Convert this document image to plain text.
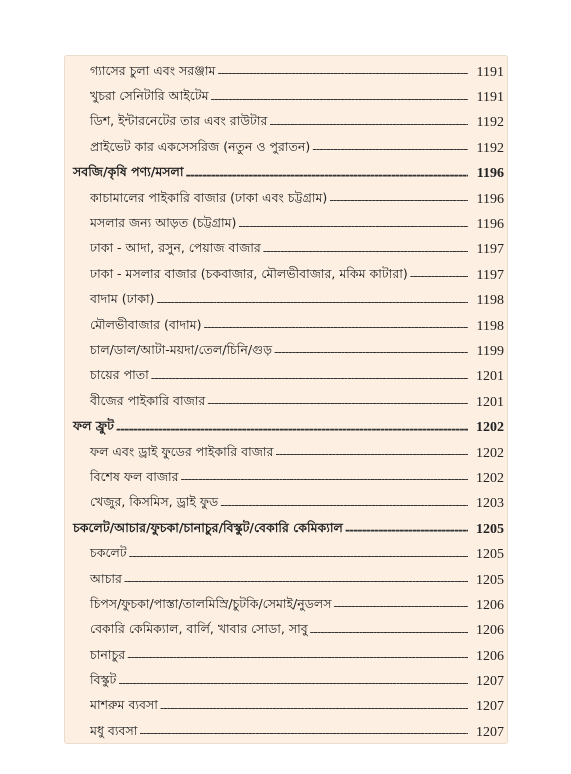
গ্যাসের চুলা এবং সরঞ্জাম -----	1191
খুচরা সেনিটারি আইটেম -----	1191
ডিশ, ইন্টারনেটের তার এবং রাউটার -----	1192
প্রাইভেট কার একসেসরিজ (নতুন ও পুরাতন) -----	1192
সবজি/কৃষি পণ্য/মসলা -----	1196
কাচামালের পাইকারি বাজার (ঢাকা এবং চট্টগ্রাম) -----	1196
মসলার জন্য আড়ত (চট্টগ্রাম) -----	1196
ঢাকা - আদা, রসুন, পেয়াজ বাজার -----	1197
ঢাকা - মসলার বাজার (চকবাজার, মৌলভীবাজার, মকিম কাটারা) -----	1197
বাদাম (ঢাকা) -----	1198
মৌলভীবাজার (বাদাম) -----	1198
চাল/ডাল/আটা-ময়দা/তেল/চিনি/গুড় -----	1199
চায়ের পাতা -----	1201
বীজের পাইকারি বাজার -----	1201
ফল ফ্রুট -----	1202
ফল এবং ড্রাই ফুডের পাইকারি বাজার -----	1202
বিশেষ ফল বাজার -----	1202
খেজুর, কিসমিস, ড্রাই ফুড -----	1203
চকলেট/আচার/ফুচকা/চানাচুর/বিস্কুট/বেকারি কেমিক্যাল -----	1205
চকলেট -----	1205
আচার -----	1205
চিপস/ফুচকা/পাস্তা/তালমিস্রি/চুটকি/সেমাই/নুডলস -----	1206
বেকারি কেমিক্যাল, বার্লি, খাবার সোডা, সাবু -----	1206
চানাচুর -----	1206
বিস্কুট -----	1207
মাশরুম ব্যবসা -----	1207
মধু ব্যবসা -----	1207
